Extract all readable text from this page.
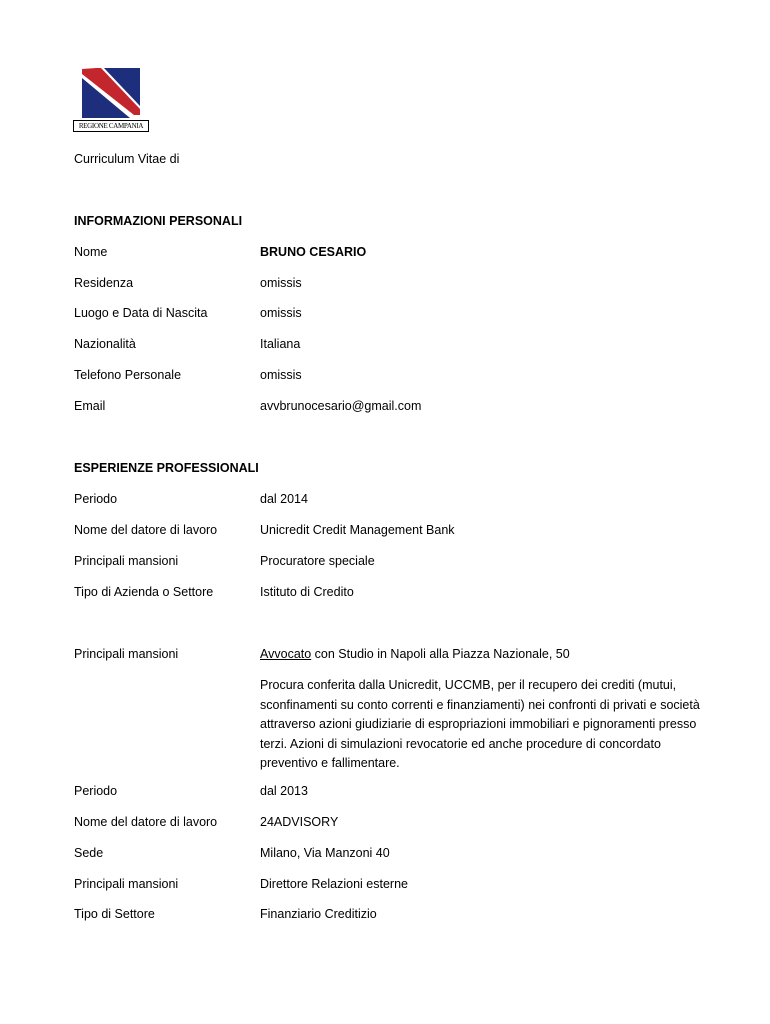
REGIONE CAMPANIA
Curriculum Vitae di
INFORMAZIONI PERSONALI
Nome	BRUNO CESARIO
Residenza	omissis
Luogo e Data di Nascita	omissis
Nazionalità	Italiana
Telefono Personale	omissis
Email	avvbrunocesario@gmail.com
ESPERIENZE PROFESSIONALI
Periodo	dal 2014
Nome del datore di lavoro	Unicredit Credit Management Bank
Principali mansioni	Procuratore speciale
Tipo di Azienda o Settore	Istituto di Credito
Principali mansioni	Avvocato con Studio in Napoli alla Piazza Nazionale, 50
Procura conferita dalla Unicredit, UCCMB, per il recupero dei crediti (mutui, sconfinamenti su conto correnti e finanziamenti) nei confronti di privati e società attraverso azioni giudiziarie di espropriazioni immobiliari e pignoramenti presso terzi. Azioni di simulazioni revocatorie ed anche procedure di concordato preventivo e fallimentare.
Periodo	dal 2013
Nome del datore di lavoro	24ADVISORY
Sede	Milano, Via Manzoni 40
Principali mansioni	Direttore Relazioni esterne
Tipo di Settore	Finanziario Creditizio
